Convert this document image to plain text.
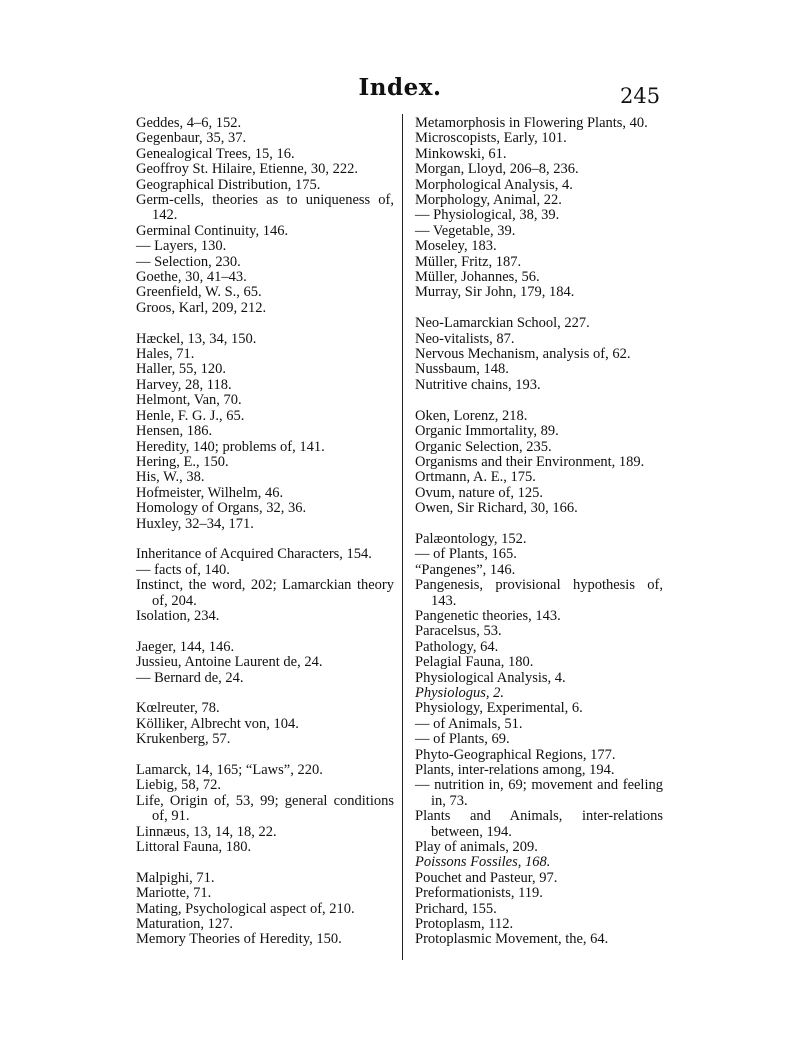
Index.	245
Geddes, 4–6, 152.
Gegenbaur, 35, 37.
Genealogical Trees, 15, 16.
Geoffroy St. Hilaire, Etienne, 30, 222.
Geographical Distribution, 175.
Germ-cells, theories as to uniqueness of, 142.
Germinal Continuity, 146.
— Layers, 130.
— Selection, 230.
Goethe, 30, 41–43.
Greenfield, W. S., 65.
Groos, Karl, 209, 212.
Hæckel, 13, 34, 150.
Hales, 71.
Haller, 55, 120.
Harvey, 28, 118.
Helmont, Van, 70.
Henle, F. G. J., 65.
Hensen, 186.
Heredity, 140; problems of, 141.
Hering, E., 150.
His, W., 38.
Hofmeister, Wilhelm, 46.
Homology of Organs, 32, 36.
Huxley, 32–34, 171.
Inheritance of Acquired Characters, 154.
— facts of, 140.
Instinct, the word, 202; Lamarckian theory of, 204.
Isolation, 234.
Jaeger, 144, 146.
Jussieu, Antoine Laurent de, 24.
— Bernard de, 24.
Kœlreuter, 78.
Kölliker, Albrecht von, 104.
Krukenberg, 57.
Lamarck, 14, 165; “Laws”, 220.
Liebig, 58, 72.
Life, Origin of, 53, 99; general conditions of, 91.
Linnæus, 13, 14, 18, 22.
Littoral Fauna, 180.
Malpighi, 71.
Mariotte, 71.
Mating, Psychological aspect of, 210.
Maturation, 127.
Memory Theories of Heredity, 150.
Metamorphosis in Flowering Plants, 40.
Microscopists, Early, 101.
Minkowski, 61.
Morgan, Lloyd, 206–8, 236.
Morphological Analysis, 4.
Morphology, Animal, 22.
— Physiological, 38, 39.
— Vegetable, 39.
Moseley, 183.
Müller, Fritz, 187.
Müller, Johannes, 56.
Murray, Sir John, 179, 184.
Neo-Lamarckian School, 227.
Neo-vitalists, 87.
Nervous Mechanism, analysis of, 62.
Nussbaum, 148.
Nutritive chains, 193.
Oken, Lorenz, 218.
Organic Immortality, 89.
Organic Selection, 235.
Organisms and their Environment, 189.
Ortmann, A. E., 175.
Ovum, nature of, 125.
Owen, Sir Richard, 30, 166.
Palæontology, 152.
— of Plants, 165.
“Pangenes”, 146.
Pangenesis, provisional hypothesis of, 143.
Pangenetic theories, 143.
Paracelsus, 53.
Pathology, 64.
Pelagial Fauna, 180.
Physiological Analysis, 4.
Physiologus, 2.
Physiology, Experimental, 6.
— of Animals, 51.
— of Plants, 69.
Phyto-Geographical Regions, 177.
Plants, inter-relations among, 194.
— nutrition in, 69; movement and feeling in, 73.
Plants and Animals, inter-relations between, 194.
Play of animals, 209.
Poissons Fossiles, 168.
Pouchet and Pasteur, 97.
Preformationists, 119.
Prichard, 155.
Protoplasm, 112.
Protoplasmic Movement, the, 64.
